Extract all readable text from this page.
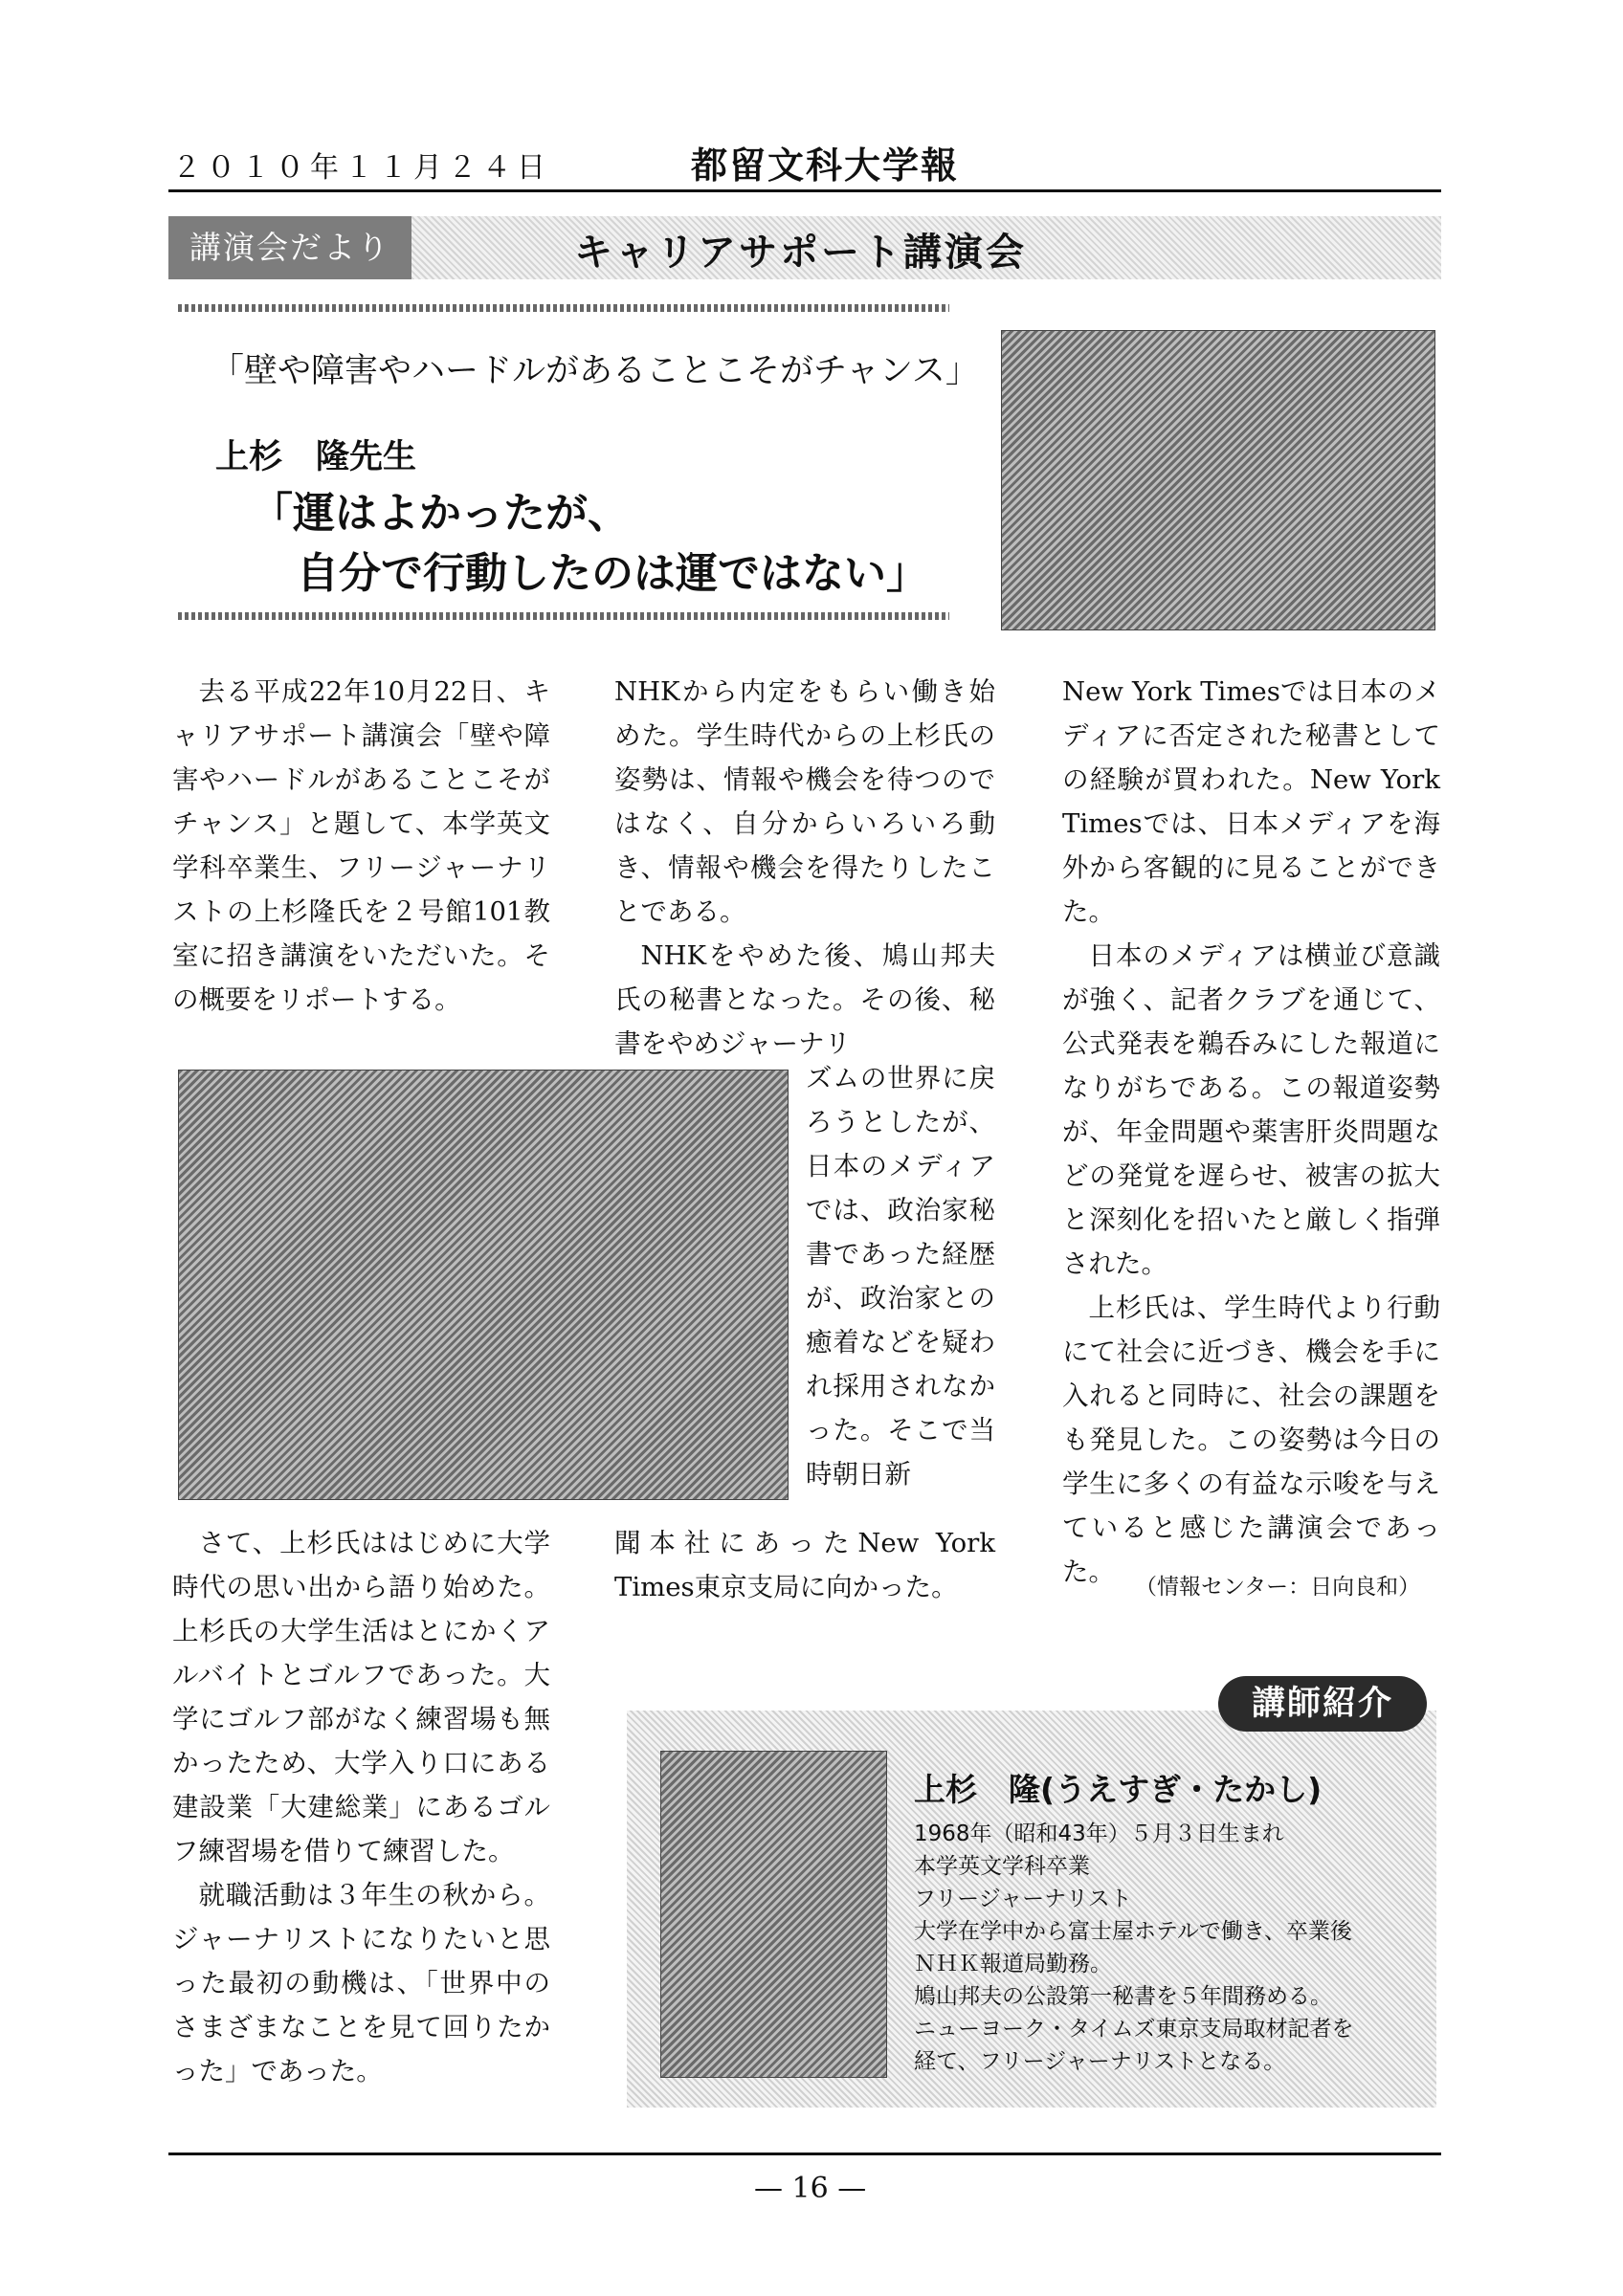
２０１０年１１月２４日	都留文科大学報
講演会だより	キャリアサポート講演会
「壁や障害やハードルがあることこそがチャンス」
上杉　隆先生
「運はよかったが、
自分で行動したのは運ではない」

去る平成22年10月22日、キャリアサポート講演会「壁や障害やハードルがあることこそがチャンス」と題して、本学英文学科卒業生、フリージャーナリストの上杉隆氏を２号館101教室に招き講演をいただいた。その概要をリポートする。

さて、上杉氏ははじめに大学時代の思い出から語り始めた。上杉氏の大学生活はとにかくアルバイトとゴルフであった。大学にゴルフ部がなく練習場も無かったため、大学入り口にある建設業「大建総業」にあるゴルフ練習場を借りて練習した。

就職活動は３年生の秋から。ジャーナリストになりたいと思った最初の動機は、「世界中のさまざまなことを見て回りたかった」であった。

NHKから内定をもらい働き始めた。学生時代からの上杉氏の姿勢は、情報や機会を待つのではなく、自分からいろいろ動き、情報や機会を得たりしたことである。

NHKをやめた後、鳩山邦夫氏の秘書となった。その後、秘書をやめジャーナリ

ズムの世界に戻ろうとしたが、日本のメディアでは、政治家秘書であった経歴が、政治家との癒着などを疑われ採用されなかった。そこで当時朝日新

聞本社にあったNew York Times東京支局に向かった。

New York Timesでは日本のメディアに否定された秘書としての経験が買われた。New York Timesでは、日本メディアを海外から客観的に見ることができた。

日本のメディアは横並び意識が強く、記者クラブを通じて、公式発表を鵜呑みにした報道になりがちである。この報道姿勢が、年金問題や薬害肝炎問題などの発覚を遅らせ、被害の拡大と深刻化を招いたと厳しく指弾された。

上杉氏は、学生時代より行動にて社会に近づき、機会を手に入れると同時に、社会の課題をも発見した。この姿勢は今日の学生に多くの有益な示唆を与えていると感じた講演会であった。 （情報センター：日向良和）
講師紹介
上杉　隆(うえすぎ・たかし)
1968年（昭和43年）５月３日生まれ
本学英文学科卒業
フリージャーナリスト
大学在学中から富士屋ホテルで働き、卒業後
ＮＨＫ報道局勤務。
鳩山邦夫の公設第一秘書を５年間務める。
ニューヨーク・タイムズ東京支局取材記者を
経て、フリージャーナリストとなる。
— 16 —
